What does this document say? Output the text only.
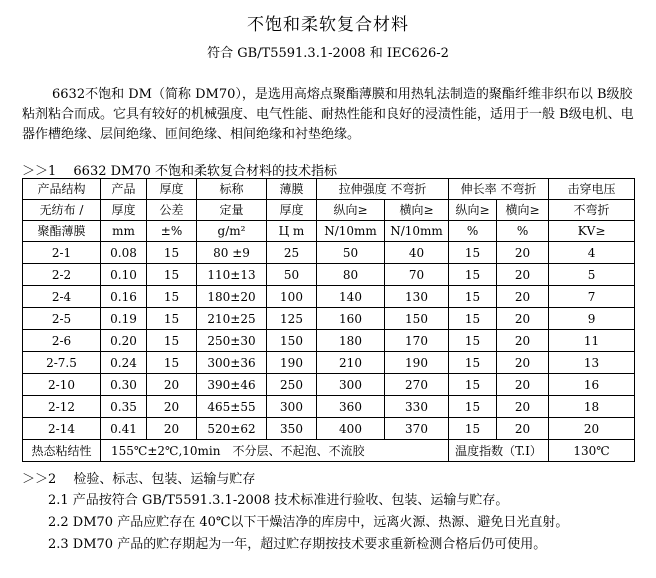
不饱和柔软复合材料
符合 GB/T5591.3.1-2008 和 IEC626-2
6632不饱和 DM（简称 DM70），是选用高熔点聚酯薄膜和用热轧法制造的聚酯纤维非织布以 B级胶粘剂粘合而成。它具有较好的机械强度、电气性能、耐热性能和良好的浸渍性能，适用于一般 B级电机、电器作槽绝缘、层间绝缘、匝间绝缘、相间绝缘和衬垫绝缘。
＞＞1　 6632 DM70 不饱和柔软复合材料的技术指标
产品结构	产品	厚度	标称	薄膜	拉伸强度 不弯折		伸长率 不弯折		击穿电压
无纺布 /	厚度	公差	定量	厚度	纵向≥	横向≥	纵向≥	横向≥	不弯折
聚酯薄膜	mm	±%	g/m²	Ц m	N/10mm	N/10mm	%	%	KV≥
2-1	0.08	15	80 ±9	25	50	40	15	20	4
2-2	0.10	15	110±13	50	80	70	15	20	5
2-4	0.16	15	180±20	100	140	130	15	20	7
2-5	0.19	15	210±25	125	160	150	15	20	9
2-6	0.20	15	250±30	150	180	170	15	20	11
2-7.5	0.24	15	300±36	190	210	190	15	20	13
2-10	0.30	20	390±46	250	300	270	15	20	16
2-12	0.35	20	465±55	300	360	330	15	20	18
2-14	0.41	20	520±62	350	400	370	15	20	20
热态粘结性	155℃±2℃,10min　不分层、不起泡、不流胶						温度指数（T.I）		130℃
＞＞2　 检验、标志、包装、运输与贮存
2.1 产品按符合 GB/T5591.3.1-2008 技术标准进行验收、包装、运输与贮存。
2.2 DM70 产品应贮存在 40℃以下干燥洁净的库房中，远离火源、热源、避免日光直射。
2.3 DM70 产品的贮存期起为一年，超过贮存期按技术要求重新检测合格后仍可使用。
